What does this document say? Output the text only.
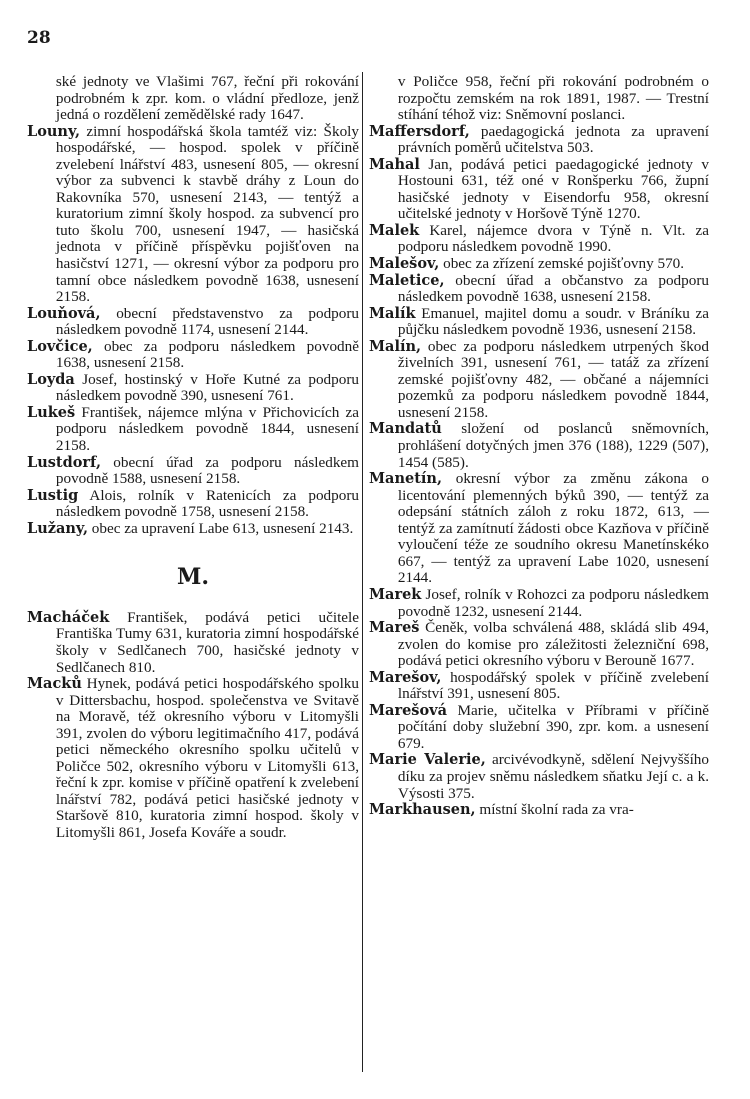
28

ské jednoty ve Vlašimi 767, řeční při rokování podrobném k zpr. kom. o vládní předloze, jenž jedná o rozdělení zemědělské rady 1647.

Louny, zimní hospodářská škola tamtéž viz: Školy hospodářské, — hospod. spolek v příčině zvelebení lnářství 483, usnesení 805, — okresní výbor za subvenci k stavbě dráhy z Loun do Rakovníka 570, usnesení 2143, — tentýž a kuratorium zimní školy hospod. za subvencí pro tuto školu 700, usnesení 1947, — hasičská jednota v příčině příspěvku pojišťoven na hasičství 1271, — okresní výbor za podporu pro tamní obce následkem povodně 1638, usnesení 2158.

Louňová, obecní představenstvo za podporu následkem povodně 1174, usnesení 2144.

Lovčice, obec za podporu následkem povodně 1638, usnesení 2158.

Loyda Josef, hostinský v Hoře Kutné za podporu následkem povodně 390, usnesení 761.

Lukeš František, nájemce mlýna v Přichovicích za podporu následkem povodně 1844, usnesení 2158.

Lustdorf, obecní úřad za podporu následkem povodně 1588, usnesení 2158.

Lustig Alois, rolník v Ratenicích za podporu následkem povodně 1758, usnesení 2158.

Lužany, obec za upravení Labe 613, usnesení 2143.

M.

Macháček František, podává petici učitele Františka Tumy 631, kuratoria zimní hospodářské školy v Sedlčanech 700, hasičské jednoty v Sedlčanech 810.

Macků Hynek, podává petici hospodářského spolku v Dittersbachu, hospod. společenstva ve Svitavě na Moravě, též okresního výboru v Litomyšli 391, zvolen do výboru legitimačního 417, podává petici německého okresního spolku učitelů v Poličce 502, okresního výboru v Litomyšli 613, řeční k zpr. komise v příčině opatření k zvelebení lnářství 782, podává petici hasičské jednoty v Staršově 810, kuratoria zimní hospod. školy v Litomyšli 861, Josefa Kováře a soudr.

v Poličce 958, řeční při rokování podrobném o rozpočtu zemském na rok 1891, 1987. — Trestní stíhání téhož viz: Sněmovní poslanci.

Maffersdorf, paedagogická jednota za upravení právních poměrů učitelstva 503.

Mahal Jan, podává petici paedagogické jednoty v Hostouni 631, též oné v Ronšperku 766, župní hasičské jednoty v Eisendorfu 958, okresní učitelské jednoty v Horšově Týně 1270.

Malek Karel, nájemce dvora v Týně n. Vlt. za podporu následkem povodně 1990.

Malešov, obec za zřízení zemské pojišťovny 570.

Maletice, obecní úřad a občanstvo za podporu následkem povodně 1638, usnesení 2158.

Malík Emanuel, majitel domu a soudr. v Bráníku za půjčku následkem povodně 1936, usnesení 2158.

Malín, obec za podporu následkem utrpených škod živelních 391, usnesení 761, — tatáž za zřízení zemské pojišťovny 482, — občané a nájemníci pozemků za podporu následkem povodně 1844, usnesení 2158.

Mandatů složení od poslanců sněmovních, prohlášení dotyčných jmen 376 (188), 1229 (507), 1454 (585).

Manetín, okresní výbor za změnu zákona o licentování plemenných býků 390, — tentýž za odepsání státních záloh z roku 1872, 613, — tentýž za zamítnutí žádosti obce Kazňova v příčině vyloučení téže ze soudního okresu Manetínskéko 667, — tentýž za upravení Labe 1020, usnesení 2144.

Marek Josef, rolník v Rohozci za podporu následkem povodně 1232, usnesení 2144.

Mareš Čeněk, volba schválená 488, skládá slib 494, zvolen do komise pro záležitosti železniční 698, podává petici okresního výboru v Berouně 1677.

Marešov, hospodářský spolek v příčině zvelebení lnářství 391, usnesení 805.

Marešová Marie, učitelka v Příbrami v příčině počítání doby služební 390, zpr. kom. a usnesení 679.

Marie Valerie, arcivévodkyně, sdělení Nejvyššího díku za projev sněmu následkem sňatku Její c. a k. Výsosti 375.

Markhausen, místní školní rada za vra-
